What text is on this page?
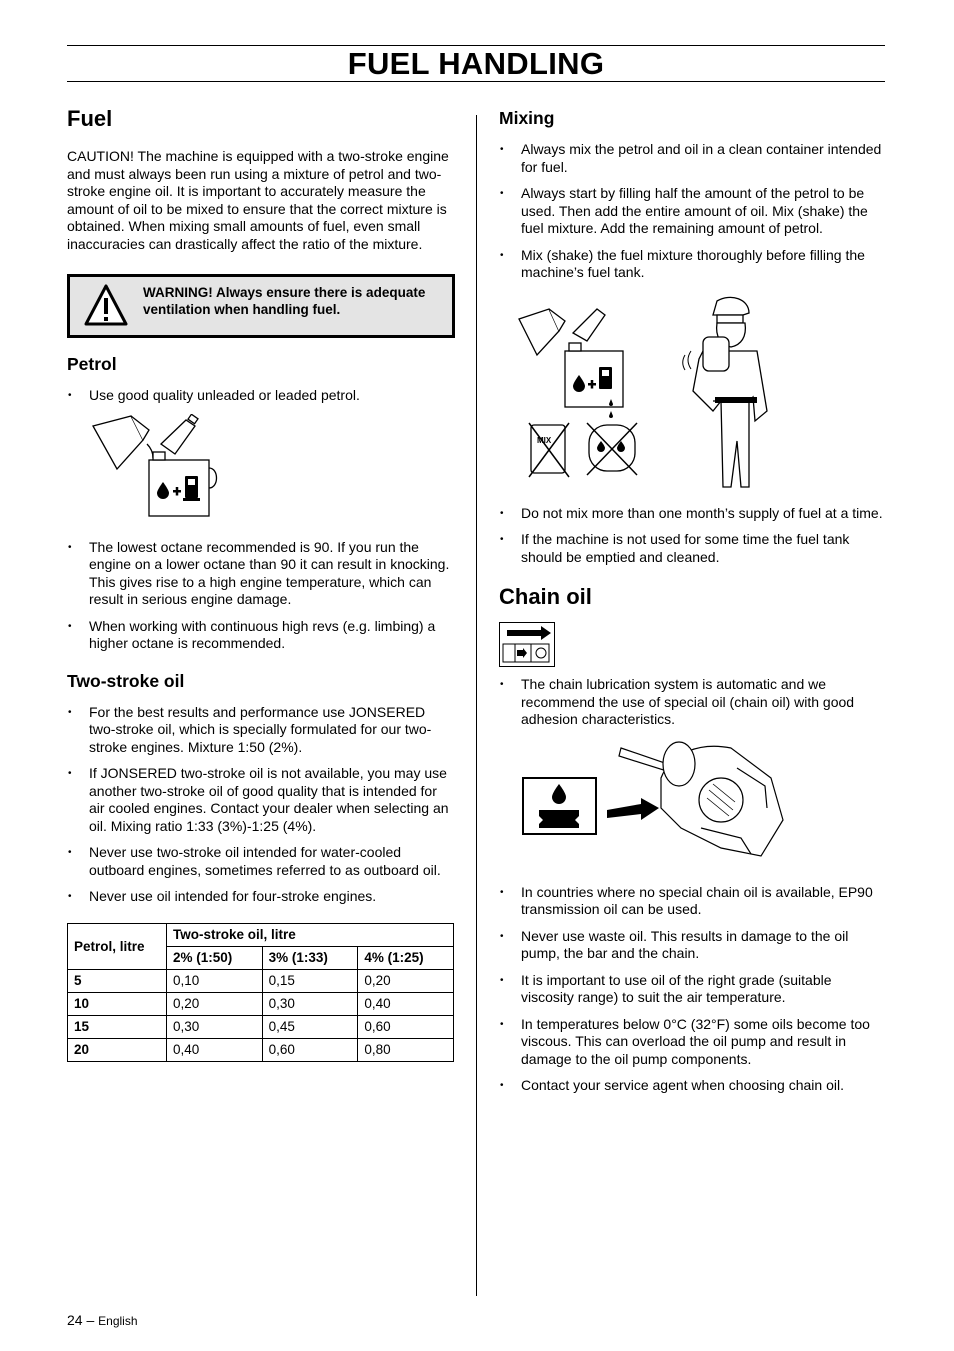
FUEL HANDLING
Fuel

CAUTION! The machine is equipped with a two-stroke engine and must always been run using a mixture of petrol and two-stroke engine oil. It is important to accurately measure the amount of oil to be mixed to ensure that the correct mixture is obtained. When mixing small amounts of fuel, even small inaccuracies can drastically affect the ratio of the mixture.

WARNING! Always ensure there is adequate
ventilation when handling fuel.
Petrol
• Use good quality unleaded or leaded petrol.
• The lowest octane recommended is 90. If you run the engine on a lower octane than 90 it can result in knocking. This gives rise to a high engine temperature, which can result in serious engine damage.
• When working with continuous high revs (e.g. limbing) a higher octane is recommended.
Two-stroke oil
• For the best results and performance use JONSERED two-stroke oil, which is specially formulated for our two-stroke engines. Mixture 1:50 (2%).
• If JONSERED two-stroke oil is not available, you may use another two-stroke oil of good quality that is intended for air cooled engines. Contact your dealer when selecting an oil. Mixing ratio 1:33 (3%)-1:25 (4%).
• Never use two-stroke oil intended for water-cooled outboard engines, sometimes referred to as outboard oil.
• Never use oil intended for four-stroke engines.
Petrol, litre	Two-stroke oil, litre		
	2% (1:50)	3% (1:33)	4% (1:25)
5	0,10	0,15	0,20
10	0,20	0,30	0,40
15	0,30	0,45	0,60
20	0,40	0,60	0,80
Mixing
• Always mix the petrol and oil in a clean container intended for fuel.
• Always start by filling half the amount of the petrol to be used. Then add the entire amount of oil. Mix (shake) the fuel mixture. Add the remaining amount of petrol.
• Mix (shake) the fuel mixture thoroughly before filling the machine’s fuel tank.
MIX
• Do not mix more than one month’s supply of fuel at a time.
• If the machine is not used for some time the fuel tank should be emptied and cleaned.
Chain oil
• The chain lubrication system is automatic and we recommend the use of special oil (chain oil) with good adhesion characteristics.
• In countries where no special chain oil is available, EP90 transmission oil can be used.
• Never use waste oil. This results in damage to the oil pump, the bar and the chain.
• It is important to use oil of the right grade (suitable viscosity range) to suit the air temperature.
• In temperatures below 0°C (32°F) some oils become too viscous. This can overload the oil pump and result in damage to the oil pump components.
• Contact your service agent when choosing chain oil.
24 – English
